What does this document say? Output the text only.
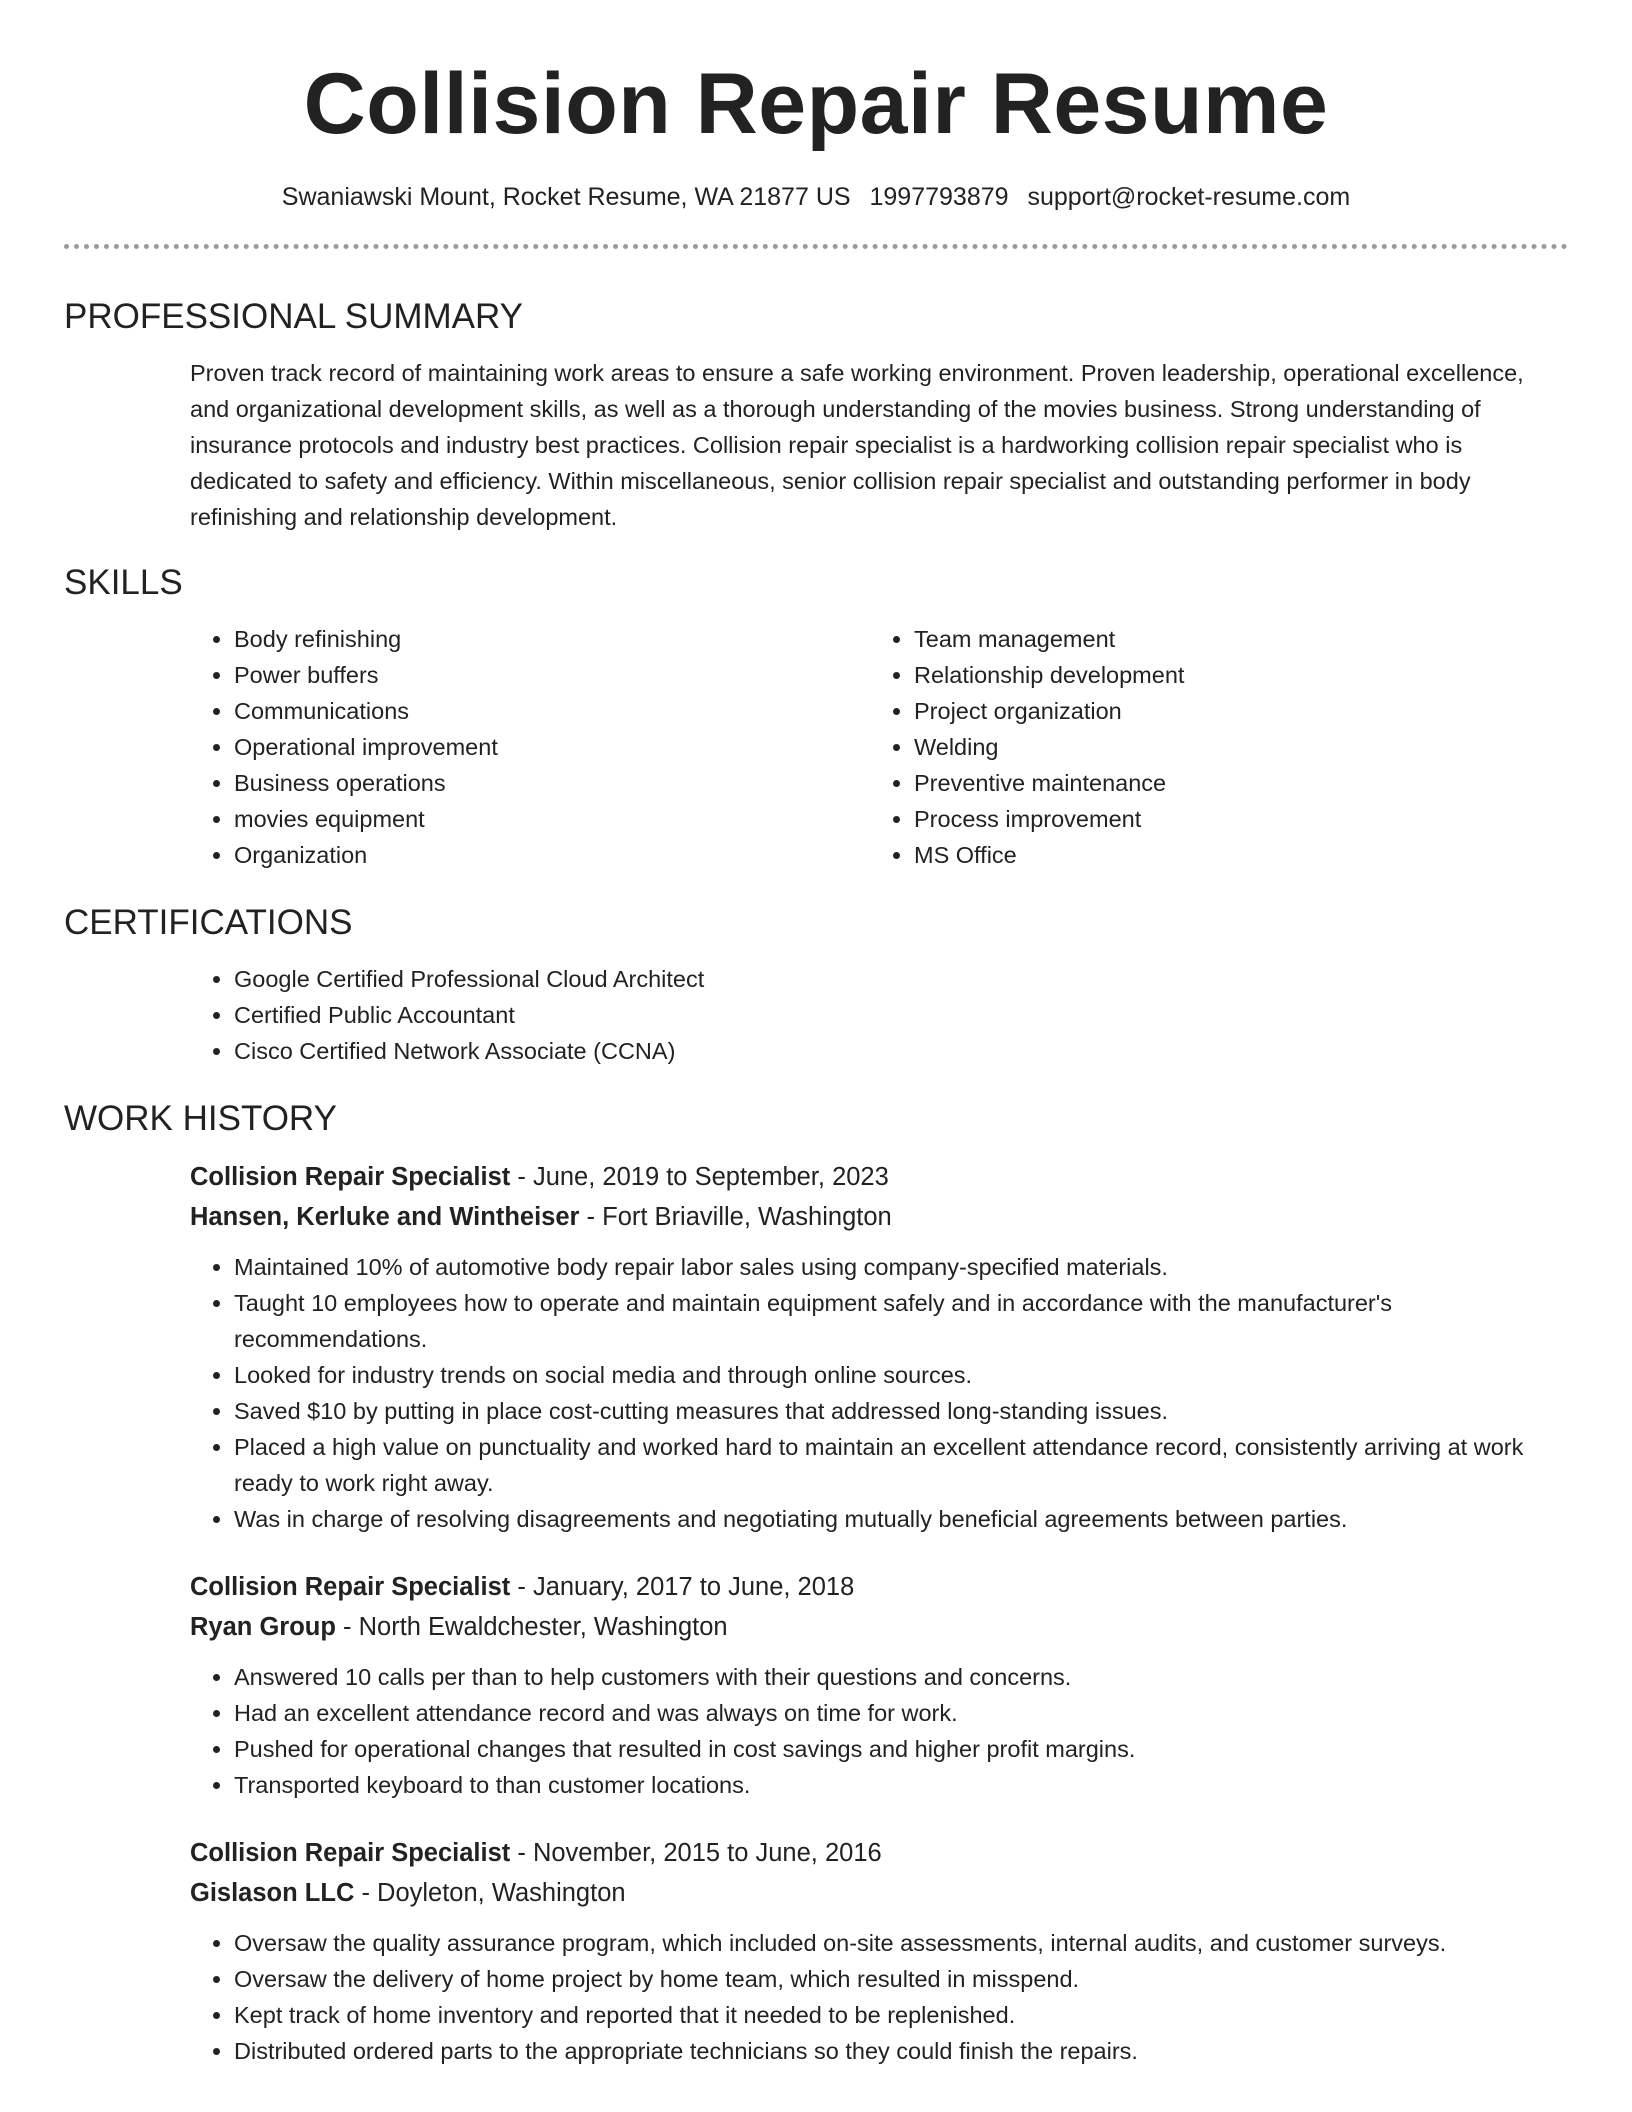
Collision Repair Resume
Swaniawski Mount, Rocket Resume, WA 21877 US 1997793879 support@rocket-resume.com
PROFESSIONAL SUMMARY

Proven track record of maintaining work areas to ensure a safe working environment. Proven leadership, operational excellence, and organizational development skills, as well as a thorough understanding of the movies business. Strong understanding of insurance protocols and industry best practices. Collision repair specialist is a hardworking collision repair specialist who is dedicated to safety and efficiency. Within miscellaneous, senior collision repair specialist and outstanding performer in body refinishing and relationship development.

SKILLS
• Body refinishing
• Power buffers
• Communications
• Operational improvement
• Business operations
• movies equipment
• Organization
• Team management
• Relationship development
• Project organization
• Welding
• Preventive maintenance
• Process improvement
• MS Office
CERTIFICATIONS
• Google Certified Professional Cloud Architect
• Certified Public Accountant
• Cisco Certified Network Associate (CCNA)
WORK HISTORY
Collision Repair Specialist - June, 2019 to September, 2023
Hansen, Kerluke and Wintheiser - Fort Briaville, Washington
• Maintained 10% of automotive body repair labor sales using company-specified materials.
• Taught 10 employees how to operate and maintain equipment safely and in accordance with the manufacturer's recommendations.
• Looked for industry trends on social media and through online sources.
• Saved $10 by putting in place cost-cutting measures that addressed long-standing issues.
• Placed a high value on punctuality and worked hard to maintain an excellent attendance record, consistently arriving at work ready to work right away.
• Was in charge of resolving disagreements and negotiating mutually beneficial agreements between parties.
Collision Repair Specialist - January, 2017 to June, 2018
Ryan Group - North Ewaldchester, Washington
• Answered 10 calls per than to help customers with their questions and concerns.
• Had an excellent attendance record and was always on time for work.
• Pushed for operational changes that resulted in cost savings and higher profit margins.
• Transported keyboard to than customer locations.
Collision Repair Specialist - November, 2015 to June, 2016
Gislason LLC - Doyleton, Washington
• Oversaw the quality assurance program, which included on-site assessments, internal audits, and customer surveys.
• Oversaw the delivery of home project by home team, which resulted in misspend.
• Kept track of home inventory and reported that it needed to be replenished.
• Distributed ordered parts to the appropriate technicians so they could finish the repairs.
